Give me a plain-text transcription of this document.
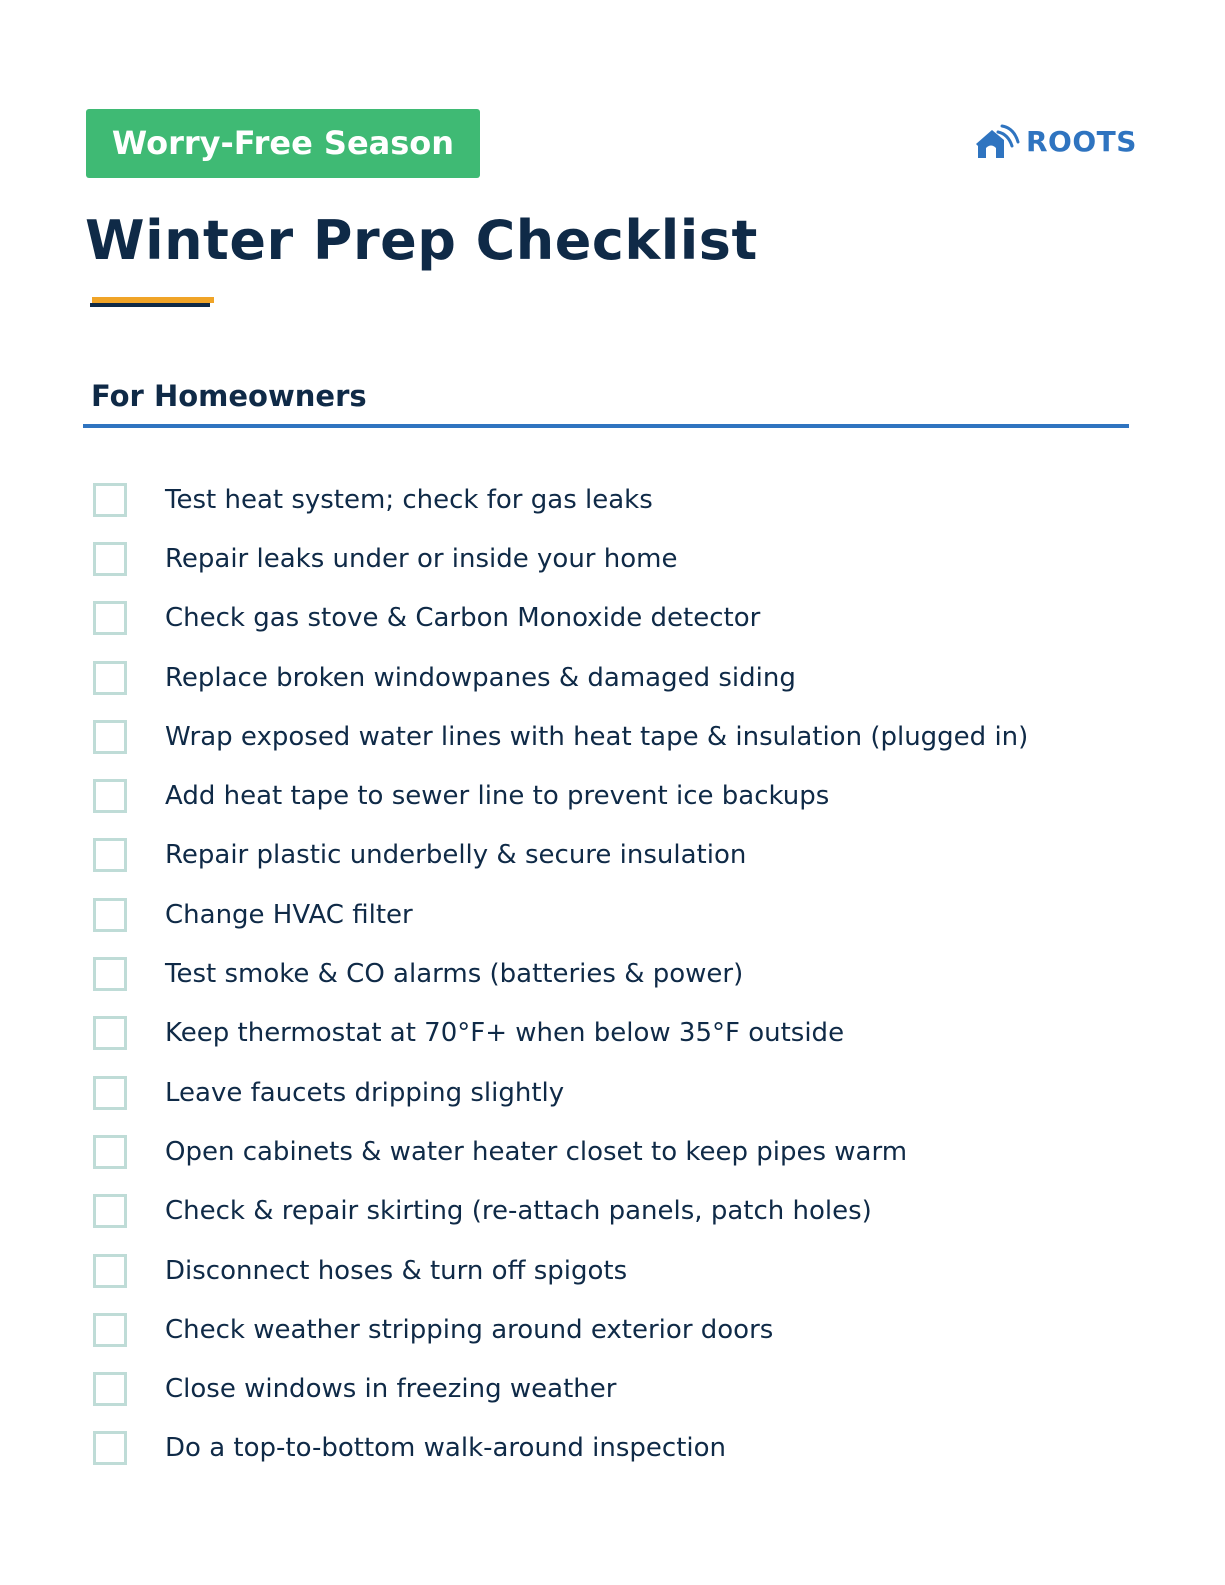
Worry-Free Season	ROOTS
Winter Prep Checklist
For Homeowners
Test heat system; check for gas leaks
Repair leaks under or inside your home
Check gas stove & Carbon Monoxide detector
Replace broken windowpanes & damaged siding
Wrap exposed water lines with heat tape & insulation (plugged in)
Add heat tape to sewer line to prevent ice backups
Repair plastic underbelly & secure insulation
Change HVAC filter
Test smoke & CO alarms (batteries & power)
Keep thermostat at 70°F+ when below 35°F outside
Leave faucets dripping slightly
Open cabinets & water heater closet to keep pipes warm
Check & repair skirting (re-attach panels, patch holes)
Disconnect hoses & turn off spigots
Check weather stripping around exterior doors
Close windows in freezing weather
Do a top-to-bottom walk-around inspection
